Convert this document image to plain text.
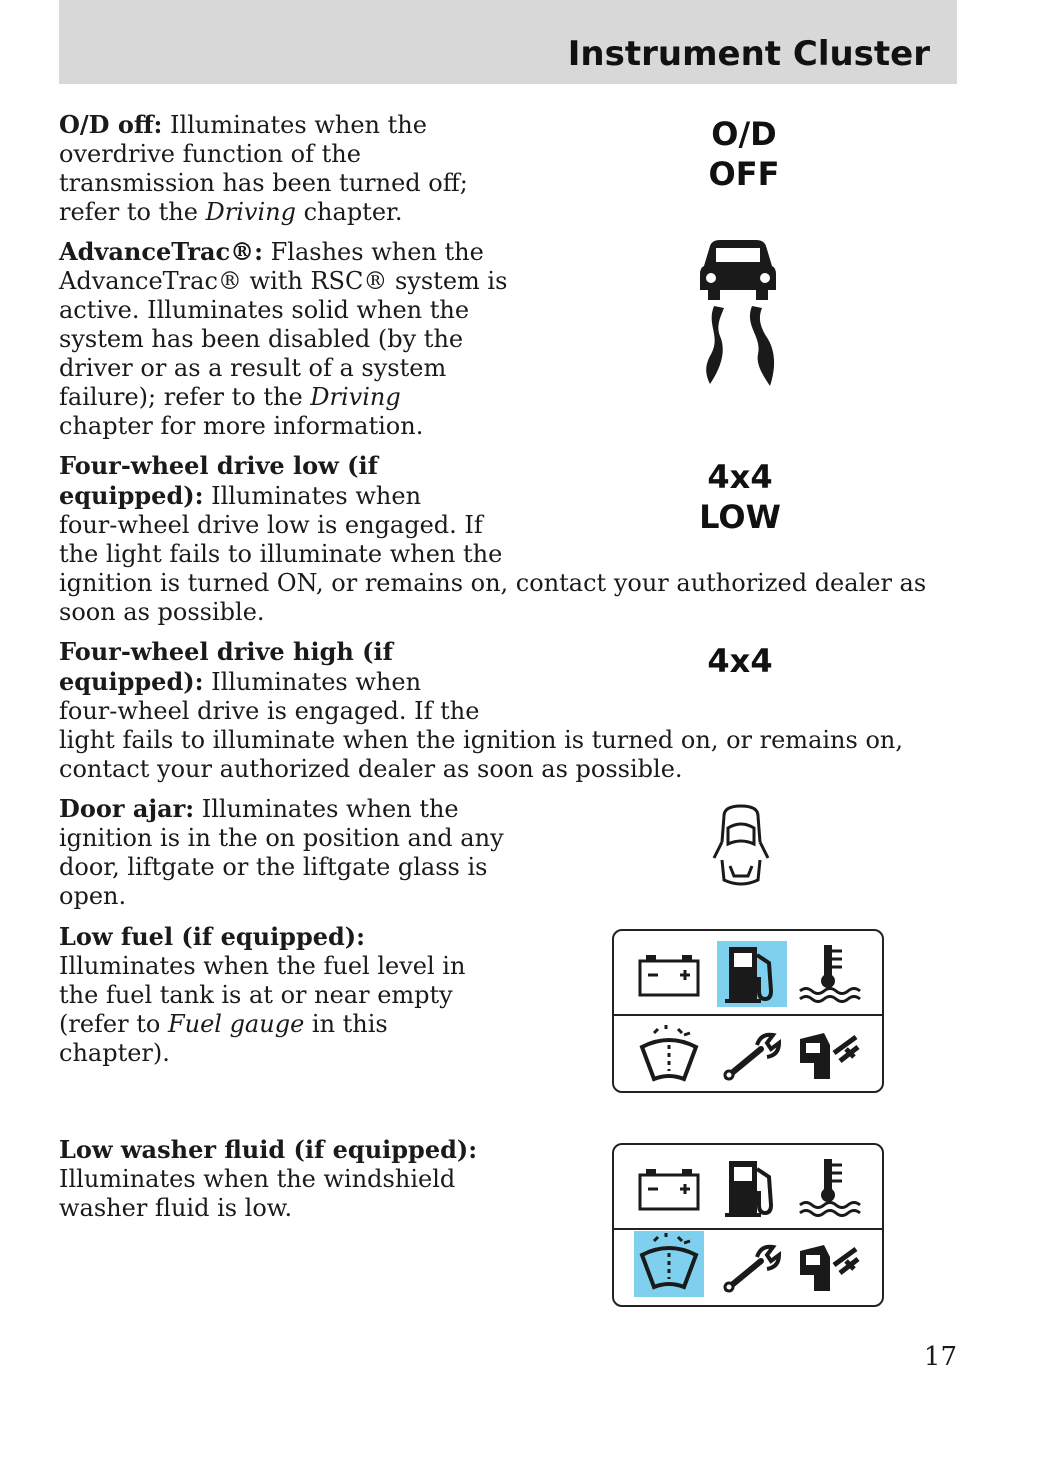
Instrument Cluster

O/D off: Illuminates when the
overdrive function of the
transmission has been turned off;
refer to the Driving chapter.

O/D
OFF

AdvanceTrac®: Flashes when the
AdvanceTrac® with RSC® system is
active. Illuminates solid when the
system has been disabled (by the
driver or as a result of a system
failure); refer to the Driving
chapter for more information.

Four-wheel drive low (if
equipped): Illuminates when
four-wheel drive low is engaged. If
the light fails to illuminate when the
ignition is turned ON, or remains on, contact your authorized dealer as
soon as possible.

4x4
LOW

Four-wheel drive high (if
equipped): Illuminates when
four-wheel drive is engaged. If the
light fails to illuminate when the ignition is turned on, or remains on,
contact your authorized dealer as soon as possible.

4x4

Door ajar: Illuminates when the
ignition is in the on position and any
door, liftgate or the liftgate glass is
open.

Low fuel (if equipped):
Illuminates when the fuel level in
the fuel tank is at or near empty
(refer to Fuel gauge in this
chapter).

Low washer fluid (if equipped):
Illuminates when the windshield
washer fluid is low.

17
